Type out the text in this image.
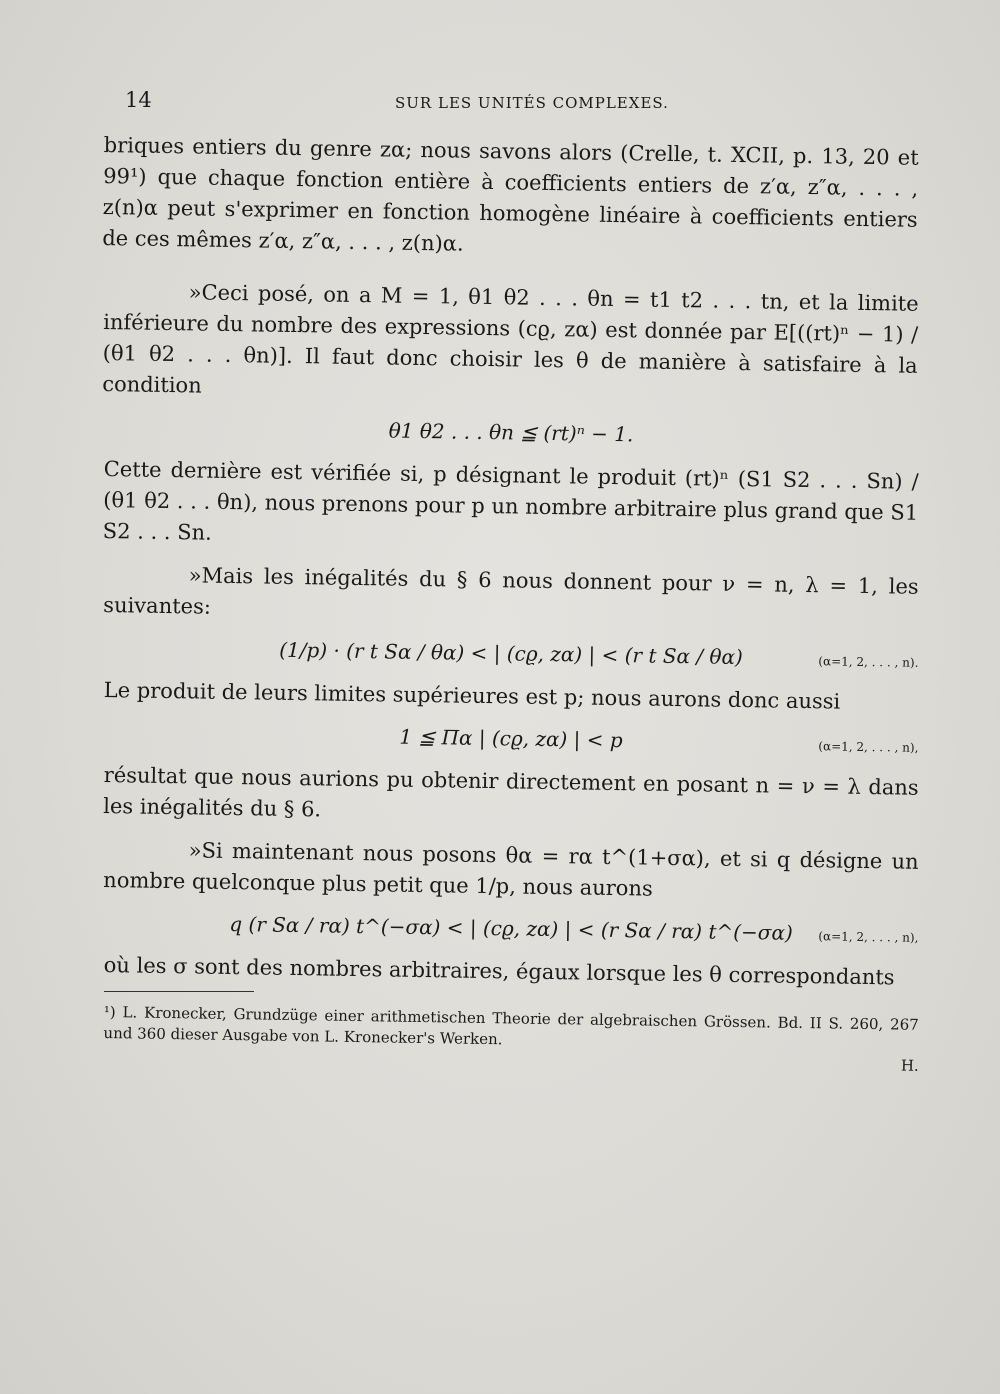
14	SUR LES UNITÉS COMPLEXES.

briques entiers du genre zα; nous savons alors (Crelle, t. XCII, p. 13, 20 et 99¹) que chaque fonction entière à coefficients entiers de z′α, z″α, . . . , z(n)α peut s'exprimer en fonction homogène linéaire à coefficients entiers de ces mêmes z′α, z″α, . . . , z(n)α.

»Ceci posé, on a M = 1, θ1 θ2 . . . θn = t1 t2 . . . tn, et la limite inférieure du nombre des expressions (cϱ, zα) est donnée par E[((rt)ⁿ − 1) / (θ1 θ2 . . . θn)]. Il faut donc choisir les θ de manière à satisfaire à la condition

θ1 θ2 . . . θn ≦ (rt)ⁿ − 1.

Cette dernière est vérifiée si, p désignant le produit (rt)ⁿ (S1 S2 . . . Sn) / (θ1 θ2 . . . θn), nous prenons pour p un nombre arbitraire plus grand que S1 S2 . . . Sn.

»Mais les inégalités du § 6 nous donnent pour ν = n, λ = 1, les suivantes:

(1/p) · (r t Sα / θα) < | (cϱ, zα) | < (r t Sα / θα)	(α=1, 2, . . . , n).

Le produit de leurs limites supérieures est p; nous aurons donc aussi

1 ≦ Πα | (cϱ, zα) | < p	(α=1, 2, . . . , n),

résultat que nous aurions pu obtenir directement en posant n = ν = λ dans les inégalités du § 6.

»Si maintenant nous posons θα = rα t^(1+σα), et si q désigne un nombre quelconque plus petit que 1/p, nous aurons

q (r Sα / rα) t^(−σα) < | (cϱ, zα) | < (r Sα / rα) t^(−σα)	(α=1, 2, . . . , n),

où les σ sont des nombres arbitraires, égaux lorsque les θ correspondants

¹) L. Kronecker, Grundzüge einer arithmetischen Theorie der algebraischen Grössen. Bd. II S. 260, 267 und 360 dieser Ausgabe von L. Kronecker's Werken.

H.
